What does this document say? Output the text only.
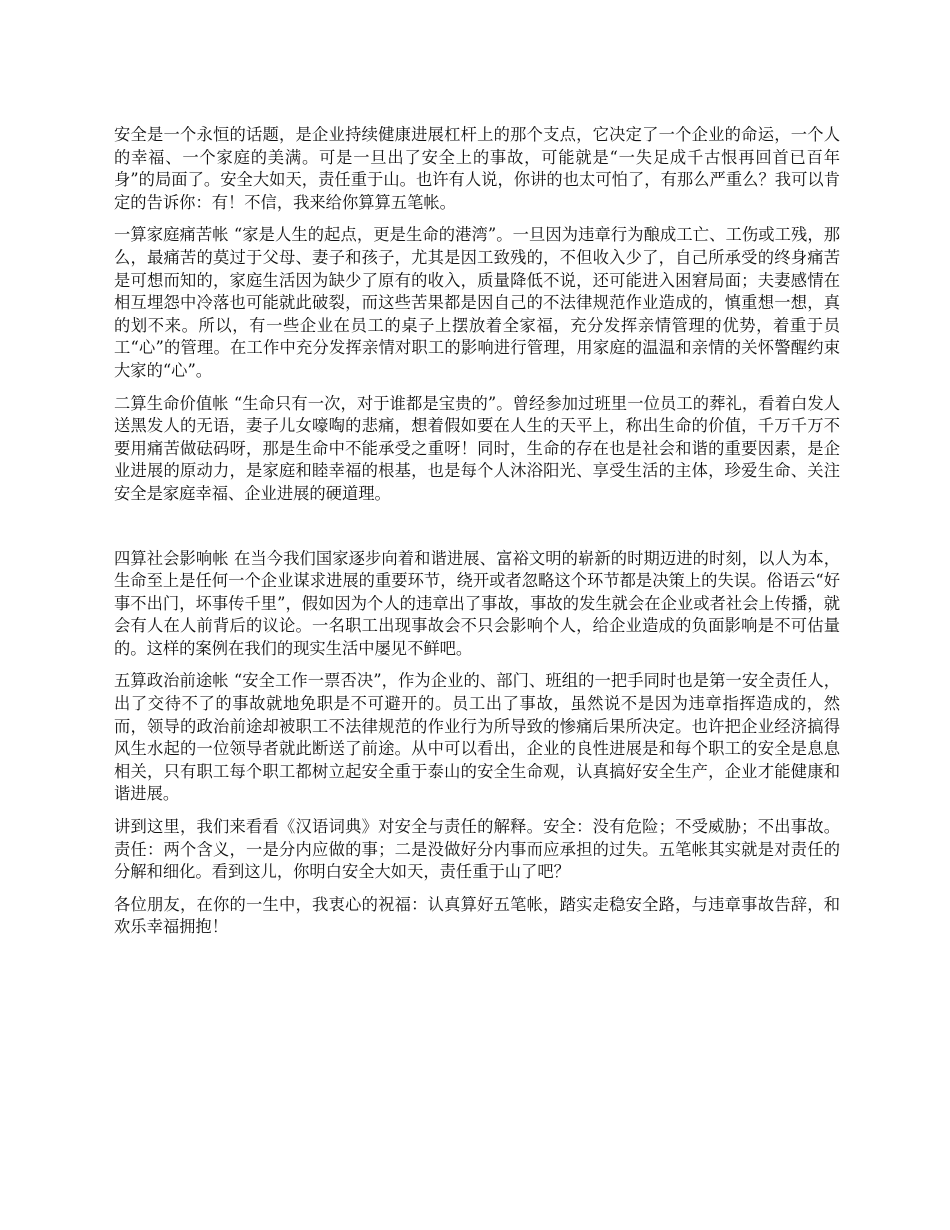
安全是一个永恒的话题，是企业持续健康进展杠杆上的那个支点，它决定了一个企业的命运，一个人的幸福、一个家庭的美满。可是一旦出了安全上的事故，可能就是“一失足成千古恨再回首已百年身”的局面了。安全大如天，责任重于山。也许有人说，你讲的也太可怕了，有那么严重么？我可以肯定的告诉你：有！不信，我来给你算算五笔帐。

一算家庭痛苦帐 “家是人生的起点，更是生命的港湾”。一旦因为违章行为酿成工亡、工伤或工残，那么，最痛苦的莫过于父母、妻子和孩子，尤其是因工致残的，不但收入少了，自己所承受的终身痛苦是可想而知的，家庭生活因为缺少了原有的收入，质量降低不说，还可能进入困窘局面；夫妻感情在相互埋怨中冷落也可能就此破裂，而这些苦果都是因自己的不法律规范作业造成的，慎重想一想，真的划不来。所以，有一些企业在员工的桌子上摆放着全家福，充分发挥亲情管理的优势，着重于员工“心”的管理。在工作中充分发挥亲情对职工的影响进行管理，用家庭的温温和亲情的关怀警醒约束大家的“心”。

二算生命价值帐 “生命只有一次，对于谁都是宝贵的”。曾经参加过班里一位员工的葬礼，看着白发人送黑发人的无语，妻子儿女嚎啕的悲痛，想着假如要在人生的天平上，称出生命的价值，千万千万不要用痛苦做砝码呀，那是生命中不能承受之重呀！同时，生命的存在也是社会和谐的重要因素，是企业进展的原动力，是家庭和睦幸福的根基，也是每个人沐浴阳光、享受生活的主体，珍爱生命、关注安全是家庭幸福、企业进展的硬道理。

四算社会影响帐 在当今我们国家逐步向着和谐进展、富裕文明的崭新的时期迈进的时刻，以人为本，生命至上是任何一个企业谋求进展的重要环节，绕开或者忽略这个环节都是决策上的失误。俗语云“好事不出门，坏事传千里”，假如因为个人的违章出了事故，事故的发生就会在企业或者社会上传播，就会有人在人前背后的议论。一名职工出现事故会不只会影响个人，给企业造成的负面影响是不可估量的。这样的案例在我们的现实生活中屡见不鲜吧。

五算政治前途帐 “安全工作一票否决”，作为企业的、部门、班组的一把手同时也是第一安全责任人，出了交待不了的事故就地免职是不可避开的。员工出了事故，虽然说不是因为违章指挥造成的，然而，领导的政治前途却被职工不法律规范的作业行为所导致的惨痛后果所决定。也许把企业经济搞得风生水起的一位领导者就此断送了前途。从中可以看出，企业的良性进展是和每个职工的安全是息息相关，只有职工每个职工都树立起安全重于泰山的安全生命观，认真搞好安全生产，企业才能健康和谐进展。

讲到这里，我们来看看《汉语词典》对安全与责任的解释。安全：没有危险；不受威胁；不出事故。责任：两个含义，一是分内应做的事；二是没做好分内事而应承担的过失。五笔帐其实就是对责任的分解和细化。看到这儿，你明白安全大如天，责任重于山了吧？

各位朋友，在你的一生中，我衷心的祝福：认真算好五笔帐，踏实走稳安全路，与违章事故告辞，和欢乐幸福拥抱！
